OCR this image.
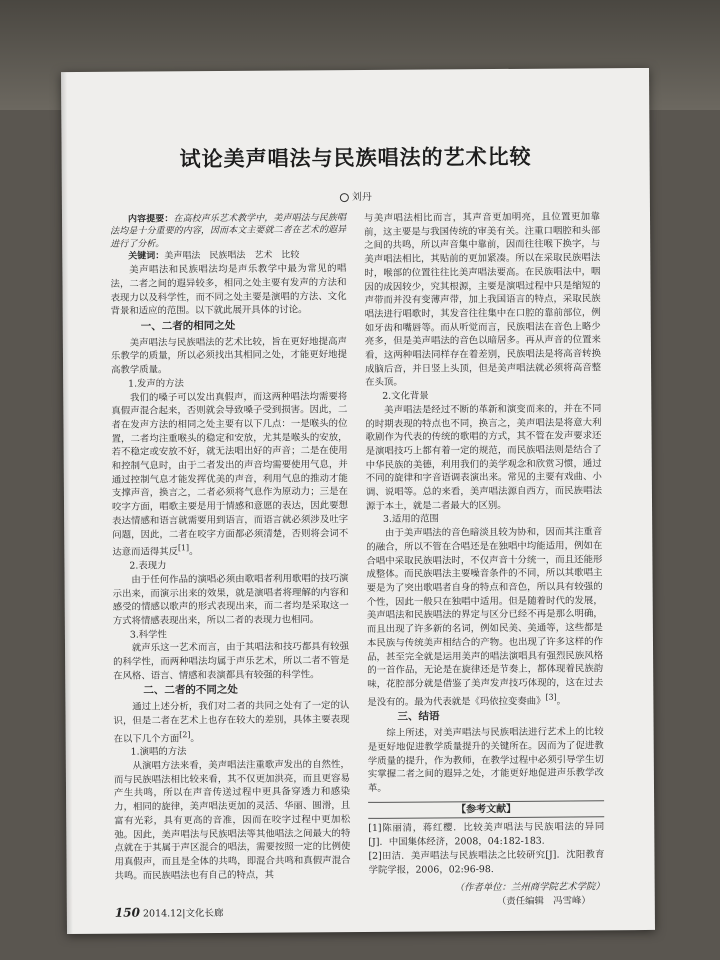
试论美声唱法与民族唱法的艺术比较
刘丹

内容提要：在高校声乐艺术教学中，美声唱法与民族唱法均是十分重要的内容，因而本文主要就二者在艺术的遐异进行了分析。

关键词：美声唱法　民族唱法　艺术　比较

美声唱法和民族唱法均是声乐教学中最为常见的唱法，二者之间的遐异较多，相同之处主要有发声的方法和表现力以及科学性，而不同之处主要是演唱的方法、文化背景和适应的范围。以下就此展开具体的讨论。

一、二者的相同之处

美声唱法与民族唱法的艺术比较，旨在更好地提高声乐教学的质量，所以必须找出其相同之处，才能更好地提高教学质量。

1.发声的方法

我们的嗓子可以发出真假声，而这两种唱法均需要将真假声混合起来，否则就会导致嗓子受到损害。因此，二者在发声方法的相同之处主要有以下几点：一是喉头的位置，二者均注重喉头的稳定和安放，尤其是喉头的安放，若不稳定或安放不好，就无法唱出好的声音；二是在使用和控制气息时，由于二者发出的声音均需要使用气息，并通过控制气息才能发挥优美的声音，利用气息的推动才能支撑声音，换言之，二者必须将气息作为原动力；三是在咬字方面，唱歌主要是用于情感和意愿的表达，因此要想表达情感和语言就需要用到语言，而语言就必须涉及吐字问题，因此，二者在咬字方面都必须清楚，否则将会词不达意而适得其反[1]。

2.表现力

由于任何作品的演唱必须由歌唱者利用歌唱的技巧演示出来，而演示出来的效果，就是演唱者将理解的内容和感受的情感以歌声的形式表现出来，而二者均是采取这一方式将情感表现出来，所以二者的表现力也相同。

3.科学性

就声乐这一艺术而言，由于其唱法和技巧都具有较强的科学性，而两种唱法均属于声乐艺术，所以二者不管是在风格、语言、情感和表演都具有较强的科学性。

二、二者的不同之处

通过上述分析，我们对二者的共同之处有了一定的认识，但是二者在艺术上也存在较大的差别，具体主要表现在以下几个方面[2]。

1.演唱的方法

从演唱方法来看，美声唱法注重歌声发出的自然性，而与民族唱法相比较来看，其不仅更加洪亮，而且更容易产生共鸣，所以在声音传送过程中更具备穿透力和感染力，相同的旋律，美声唱法更加的灵活、华丽、圆滑，且富有光彩，具有更高的音准，因而在咬字过程中更加松弛。因此，美声唱法与民族唱法等其他唱法之间最大的特点就在于其属于声区混合的唱法，需要按照一定的比例使用真假声，而且是全体的共鸣，即混合共鸣和真假声混合共鸣。而民族唱法也有自己的特点，其

与美声唱法相比而言，其声音更加明亮，且位置更加靠前，这主要是与我国传统的审美有关。注重口咽腔和头部之间的共鸣，所以声音集中靠前，因而往往喉下换字，与美声唱法相比，其贴前的更加紧凑。所以在采取民族唱法时，喉部的位置往往比美声唱法要高。在民族唱法中，咽因的成因较少，究其根源，主要是演唱过程中只是缩短的声带而并没有变薄声带，加上我国语言的特点，采取民族唱法进行唱歌时，其发音往往集中在口腔的靠前部位，例如牙齿和嘴唇等。而从听觉而言，民族唱法在音色上略少亮多，但是美声唱法的音色以暗居多。再从声音的位置来看，这两种唱法同样存在着差别，民族唱法是将高音转换成脑后音，并日竖上头顶，但是美声唱法就必须将高音整在头顶。

2.文化背景

美声唱法是经过不断的革新和演变而来的，并在不同的时期表现的特点也不同，换言之，美声唱法是将意大利歌剧作为代表的传统的歌唱的方式，其不管在发声要求还是演唱技巧上都有着一定的规范，而民族唱法则是结合了中华民族的美德，利用我们的美学观念和欣赏习惯，通过不同的旋律和字音语调表演出来。常见的主要有戏曲、小调、说唱等。总的来看，美声唱法源自西方，而民族唱法源于本土，就是二者最大的区别。

3.适用的范围

由于美声唱法的音色暗淡且较为协和，因而其注重音的融合，所以不管在合唱还是在独唱中均能适用，例如在合唱中采取民族唱法时，不仅声音十分统一，而且还能形成整体。而民族唱法主要噪音条件的不同，所以其歌唱主要是为了突出歌唱者自身的特点和音色，所以具有较强的个性，因此一般只在独唱中适用。但是随着时代的发展，美声唱法和民族唱法的界定与区分已经不再是那么明确，而且出现了许多新的名词，例如民美、美通等，这些都是本民族与传统美声相结合的产物。也出现了许多这样的作品，甚至完全就是运用美声的唱法演唱具有强烈民族风格的一首作品，无论是在旋律还是节奏上，都体现着民族韵味，花腔部分就是借鉴了美声发声技巧体现的，这在过去是没有的。最为代表就是《玛依拉变奏曲》[3]。

三、结语

综上所述，对美声唱法与民族唱法进行艺术上的比较是更好地促进教学质量提升的关键所在。因而为了促进教学质量的提升，作为教师，在教学过程中必须引导学生切实掌握二者之间的遐异之处，才能更好地促进声乐教学改革。

【参考文献】

[1]陈丽清，蒋红樱．比较美声唱法与民族唱法的异同[J]．中国集体经济，2008，04:182-183．

[2]田洁．美声唱法与民族唱法之比较研究[J]．沈阳教育学院学报，2006，02:96-98．

（作者单位：兰州商学院艺术学院）
（责任编辑　冯雪峰）
150 2014.12|文化长廊
